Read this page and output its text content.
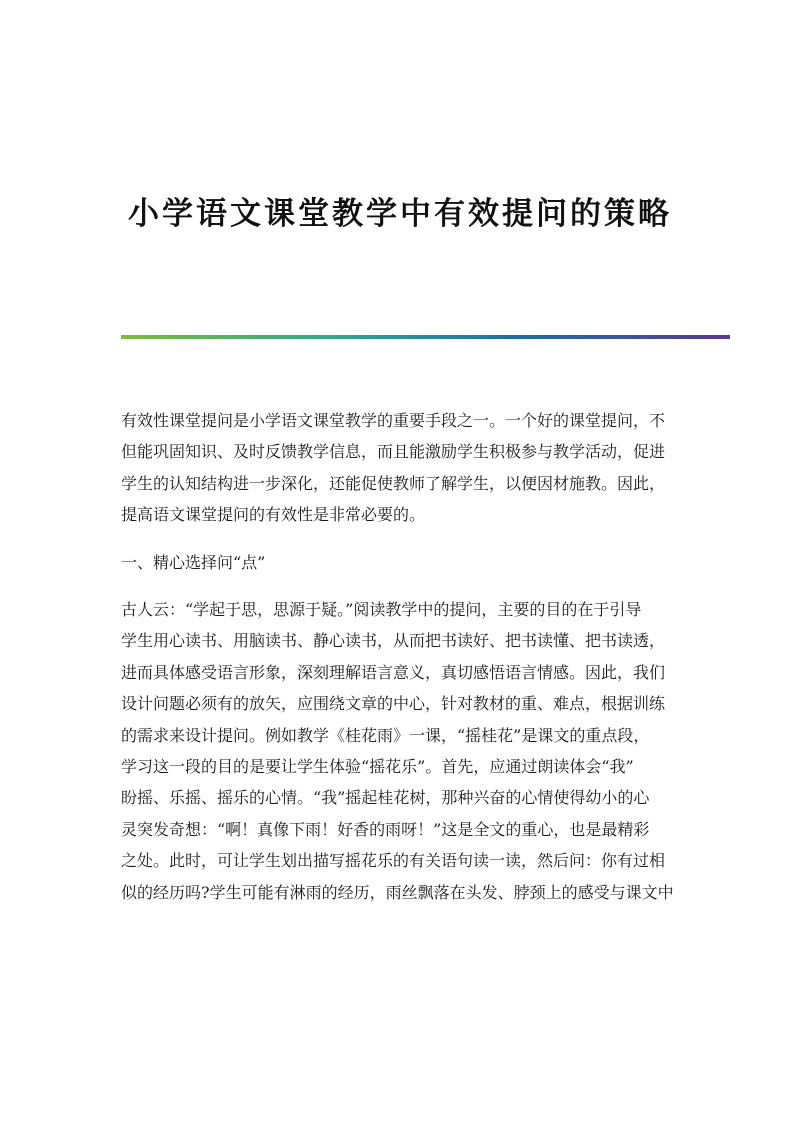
小学语文课堂教学中有效提问的策略
有效性课堂提问是小学语文课堂教学的重要手段之一。一个好的课堂提问，不
但能巩固知识、及时反馈教学信息，而且能激励学生积极参与教学活动，促进
学生的认知结构进一步深化，还能促使教师了解学生，以便因材施教。因此，
提高语文课堂提问的有效性是非常必要的。
一、精心选择问“点”
古人云：“学起于思，思源于疑。”阅读教学中的提问，主要的目的在于引导
学生用心读书、用脑读书、静心读书，从而把书读好、把书读懂、把书读透，
进而具体感受语言形象，深刻理解语言意义，真切感悟语言情感。因此，我们
设计问题必须有的放矢，应围绕文章的中心，针对教材的重、难点，根据训练
的需求来设计提问。例如教学《桂花雨》一课，“摇桂花”是课文的重点段，
学习这一段的目的是要让学生体验“摇花乐”。首先，应通过朗读体会“我”
盼摇、乐摇、摇乐的心情。“我”摇起桂花树，那种兴奋的心情使得幼小的心
灵突发奇想：“啊！真像下雨！好香的雨呀！”这是全文的重心，也是最精彩
之处。此时，可让学生划出描写摇花乐的有关语句读一读，然后问：你有过相
似的经历吗?学生可能有淋雨的经历，雨丝飘落在头发、脖颈上的感受与课文中
